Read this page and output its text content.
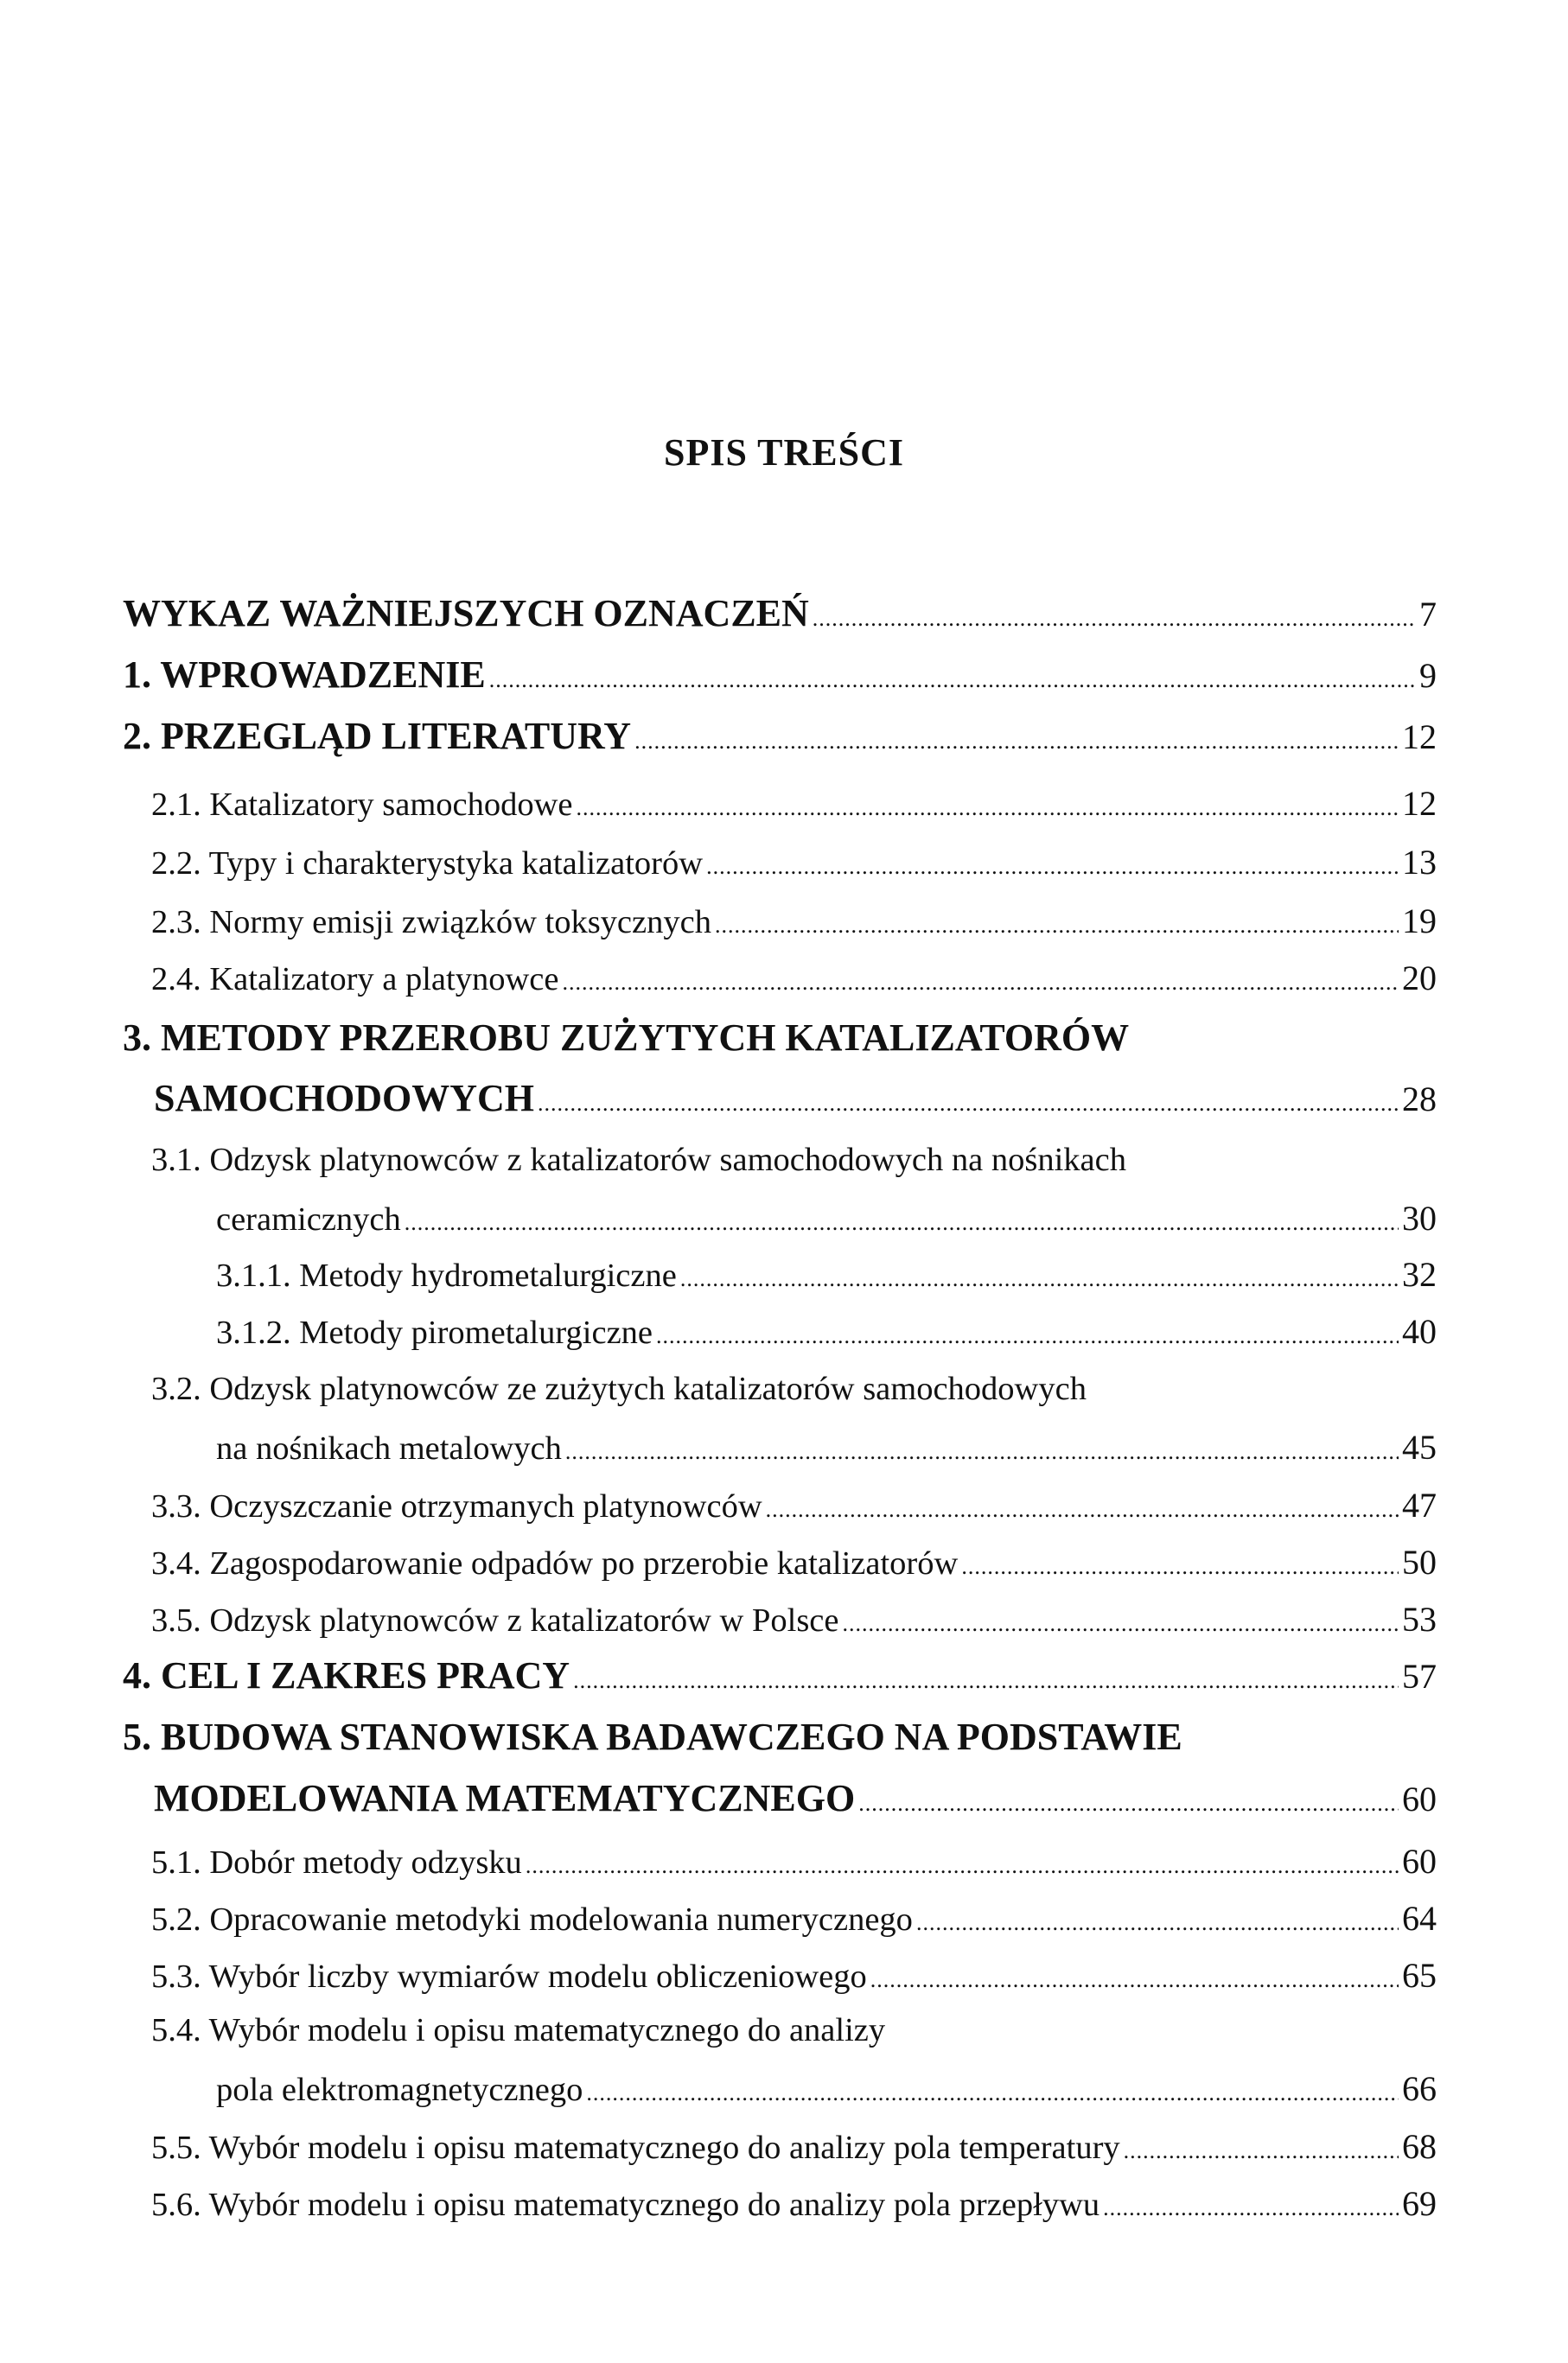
SPIS TREŚCI
WYKAZ WAŻNIEJSZYCH OZNACZEŃ .....	7
1. WPROWADZENIE .....	9
2. PRZEGLĄD LITERATURY .....	12
2.1. Katalizatory samochodowe .....	12
2.2. Typy i charakterystyka katalizatorów .....	13
2.3. Normy emisji związków toksycznych .....	19
2.4. Katalizatory a platynowce .....	20
3. METODY PRZEROBU ZUŻYTYCH KATALIZATORÓW
SAMOCHODOWYCH .....	28
3.1. Odzysk platynowców z katalizatorów samochodowych na nośnikach
ceramicznych .....	30
3.1.1. Metody hydrometalurgiczne .....	32
3.1.2. Metody pirometalurgiczne .....	40
3.2. Odzysk platynowców ze zużytych katalizatorów samochodowych
na nośnikach metalowych .....	45
3.3. Oczyszczanie otrzymanych platynowców .....	47
3.4. Zagospodarowanie odpadów po przerobie katalizatorów .....	50
3.5. Odzysk platynowców z katalizatorów w Polsce .....	53
4. CEL I ZAKRES PRACY .....	57
5. BUDOWA STANOWISKA BADAWCZEGO NA PODSTAWIE
MODELOWANIA MATEMATYCZNEGO .....	60
5.1. Dobór metody odzysku .....	60
5.2. Opracowanie metodyki modelowania numerycznego .....	64
5.3. Wybór liczby wymiarów modelu obliczeniowego .....	65
5.4. Wybór modelu i opisu matematycznego do analizy
pola elektromagnetycznego .....	66
5.5. Wybór modelu i opisu matematycznego do analizy pola temperatury .....	68
5.6. Wybór modelu i opisu matematycznego do analizy pola przepływu .....	69
